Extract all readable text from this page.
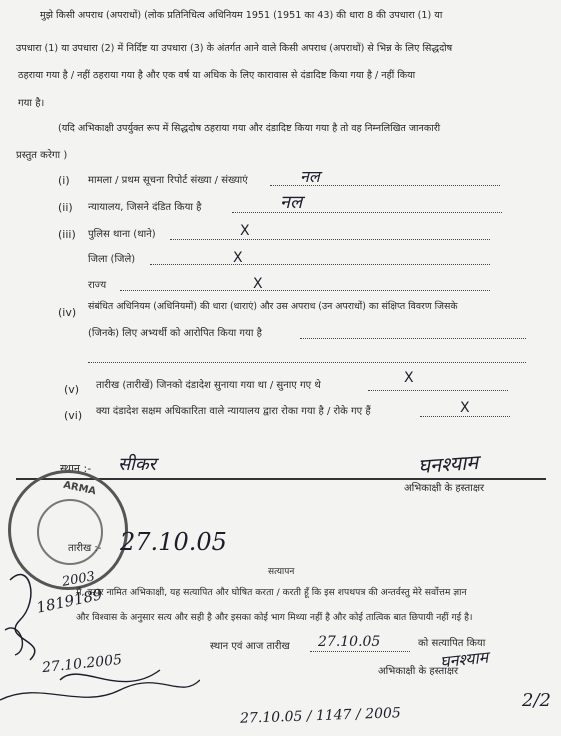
मुझे किसी अपराध (अपराधों) (लोक प्रतिनिधित्व अधिनियम 1951 (1951 का 43) की धारा 8 की उपधारा (1) या
उपधारा (1) या उपधारा (2) में निर्दिष्ट या उपधारा (3) के अंतर्गत आने वाले किसी अपराध (अपराधों) से भिन्न के लिए सिद्धदोष
ठहराया गया है / नहीं ठहराया गया है और एक वर्ष या अधिक के लिए कारावास से दंडादिष्ट किया गया है / नहीं किया
गया है।
(यदि अभिकाक्षी उपर्युक्त रूप में सिद्धदोष ठहराया गया और दंडादिष्ट किया गया है तो वह निम्नलिखित जानकारी
प्रस्तुत करेगा )
(i) मामला / प्रथम सूचना रिपोर्ट संख्या / संख्याएं	नल
(ii) न्यायालय, जिसने दंडित किया है	नल
(iii) पुलिस थाना (थाने)	X
जिला (जिले)	X
राज्य	X
(iv) संबंधित अधिनियम (अधिनियमों) की धारा (धाराएं) और उस अपराध (उन अपराधों) का संक्षिप्त विवरण जिसके
(जिनके) लिए अभ्यर्थी को आरोपित किया गया है
(v) तारीख (तारीखें) जिनको दंडादेश सुनाया गया था / सुनाए गए थे	X
(vi) क्या दंडादेश सक्षम अधिकारिता वाले न्यायालय द्वारा रोका गया है / रोके गए हैं	X
स्थान :- सीकर	घनश्याम
अभिकाक्षी के हस्ताक्षर
ARMA
तारीख :- 27.10.05
सत्यापन
मैं, ऊपर नामित अभिकाक्षी, यह सत्यापित और घोषित करता / करती हूँ कि इस शपथपत्र की अन्तर्वस्तु मेरे सर्वोत्तम ज्ञान
और विश्वास के अनुसार सत्य और सही है और इसका कोई भाग मिथ्या नहीं है और कोई तात्विक बात छिपायी नहीं गई है।
स्थान एवं आज तारीख 27.10.05	को सत्यापित किया
घनश्याम
अभिकाक्षी के हस्ताक्षर
2003
1819189
27.10.2005
27.10.05 / 1147 / 2005
2/2
